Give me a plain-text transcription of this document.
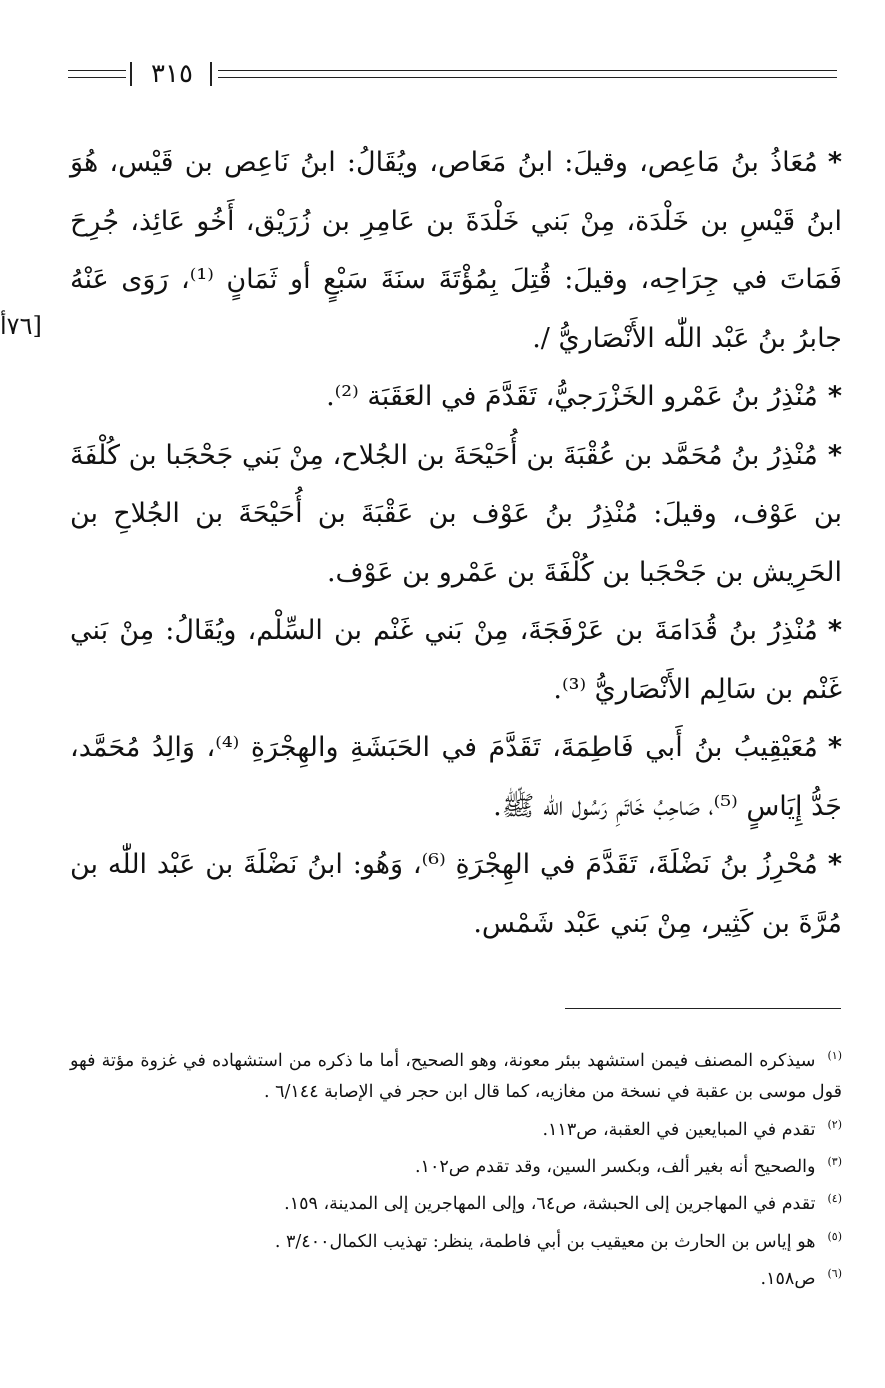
٣١٥
[٧٦أ

*مُعَاذُ بنُ مَاعِص، وقيلَ: ابنُ مَعَاص، ويُقَالُ: ابنُ نَاعِص بن قَيْس، هُوَ ابنُ قَيْسِ بن خَلْدَة، مِنْ بَني خَلْدَةَ بن عَامِرِ بن زُرَيْق، أَخُو عَائِذ، جُرِحَ فَمَاتَ في جِرَاحِه، وقيلَ: قُتِلَ بِمُؤْتَةَ سنَةَ سَبْعٍ أو ثَمَانٍ ⁽¹⁾، رَوَى عَنْهُ جابرُ بنُ عَبْد اللّٰه الأَنْصَاريُّ /.

*مُنْذِرُ بنُ عَمْرو الخَزْرَجيُّ، تَقَدَّمَ في العَقَبَة ⁽²⁾.

*مُنْذِرُ بنُ مُحَمَّد بن عُقْبَةَ بن أُحَيْحَةَ بن الجُلاح، مِنْ بَني جَحْجَبا بن كُلْفَةَ بن عَوْف، وقيلَ: مُنْذِرُ بنُ عَوْف بن عَقْبَةَ بن أُحَيْحَةَ بن الجُلاحِ بن الحَرِيش بن جَحْجَبا بن كُلْفَةَ بن عَمْرو بن عَوْف.

*مُنْذِرُ بنُ قُدَامَةَ بن عَرْفَجَةَ، مِنْ بَني غَنْم بن السِّلْم، ويُقَالُ: مِنْ بَني غَنْم بن سَالِم الأَنْصَاريُّ ⁽³⁾.

*مُعَيْقِيبُ بنُ أَبي فَاطِمَةَ، تَقَدَّمَ في الحَبَشَةِ والهِجْرَةِ ⁽⁴⁾، وَالِدُ مُحَمَّد، جَدُّ إِيَاسٍ ⁽⁵⁾، صَاحِبُ خَاتَمِ رَسُول اللّٰه ﷺ.

*مُحْرِزُ بنُ نَضْلَةَ، تَقَدَّمَ في الهِجْرَةِ ⁽⁶⁾، وَهُو: ابنُ نَضْلَةَ بن عَبْد اللّٰه بن مُرَّةَ بن كَثِير، مِنْ بَني عَبْد شَمْس.

$^{(١)}$سيذكره المصنف فيمن استشهد ببئر معونة، وهو الصحيح، أما ما ذكره من استشهاده في غزوة مؤتة فهو قول موسى بن عقبة في نسخة من مغازيه، كما قال ابن حجر في الإصابة ٦/١٤٤ .

$^{(٢)}$تقدم في المبايعين في العقبة، ص١١٣.

$^{(٣)}$والصحيح أنه بغير ألف، وبكسر السين، وقد تقدم ص١٠٢.

$^{(٤)}$تقدم في المهاجرين إلى الحبشة، ص٦٤، وإلى المهاجرين إلى المدينة، ١٥٩.

$^{(٥)}$هو إياس بن الحارث بن معيقيب بن أبي فاطمة، ينظر: تهذيب الكمال٣/٤٠٠ .

$^{(٦)}$ص١٥٨.
